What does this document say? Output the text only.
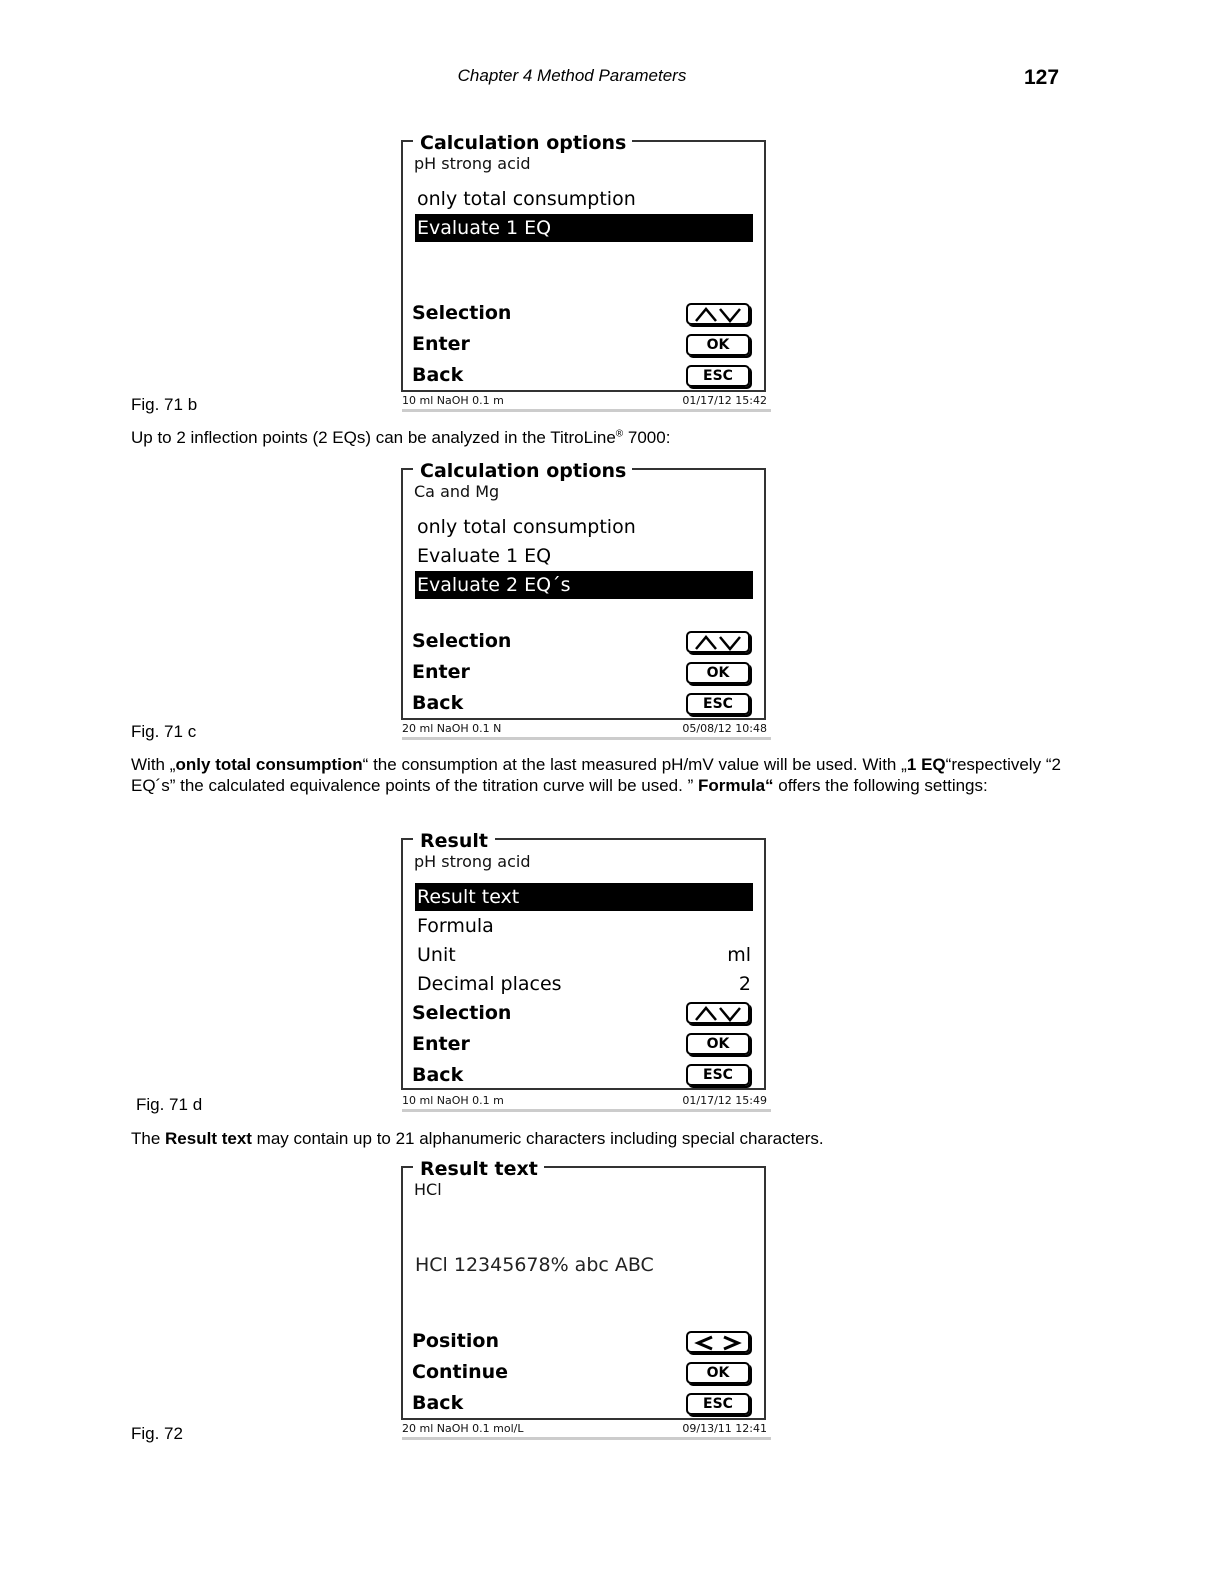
Chapter 4 Method Parameters	127
Calculation options
pH strong acid
only total consumption
Evaluate 1 EQ
Selection
Enter
Back
OK
ESC
10 ml NaOH 0.1 m	01/17/12 15:42
Fig. 71 b
Up to 2 inflection points (2 EQs) can be analyzed in the TitroLine® 7000:
Calculation options
Ca and Mg
only total consumption
Evaluate 1 EQ
Evaluate 2 EQ´s
Selection
Enter
Back
OK
ESC
20 ml NaOH 0.1 N	05/08/12 10:48
Fig. 71 c
With „only total consumption“ the consumption at the last measured pH/mV value will be used. With „1 EQ“respectively “2 EQ´s” the calculated equivalence points of the titration curve will be used. ” Formula“ offers the following settings:
Result
pH strong acid
Result text
Formula
Unit	ml
Decimal places	2
Selection
Enter
Back
OK
ESC
10 ml NaOH 0.1 m	01/17/12 15:49
Fig. 71 d
The Result text may contain up to 21 alphanumeric characters including special characters.
Result text
HCl
HCl 12345678% abc ABC
Position
Continue
Back
OK
ESC
20 ml NaOH 0.1 mol/L	09/13/11 12:41
Fig. 72
